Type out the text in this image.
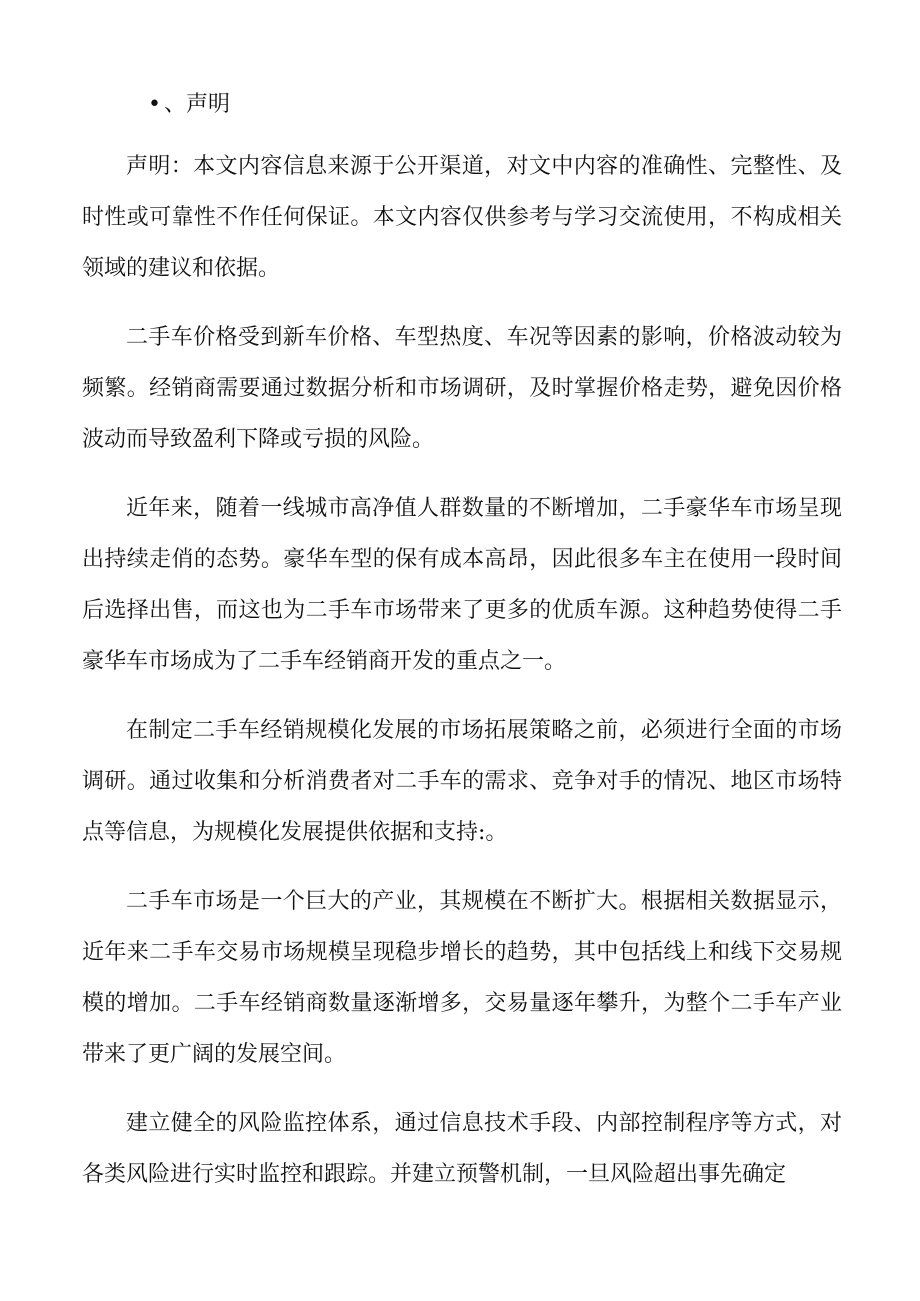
• 、声明

声明：本文内容信息来源于公开渠道，对文中内容的准确性、完整性、及时性或可靠性不作任何保证。本文内容仅供参考与学习交流使用，不构成相关领域的建议和依据。

二手车价格受到新车价格、车型热度、车况等因素的影响，价格波动较为频繁。经销商需要通过数据分析和市场调研，及时掌握价格走势，避免因价格波动而导致盈利下降或亏损的风险。

近年来，随着一线城市高净值人群数量的不断增加，二手豪华车市场呈现出持续走俏的态势。豪华车型的保有成本高昂，因此很多车主在使用一段时间后选择出售，而这也为二手车市场带来了更多的优质车源。这种趋势使得二手豪华车市场成为了二手车经销商开发的重点之一。

在制定二手车经销规模化发展的市场拓展策略之前，必须进行全面的市场调研。通过收集和分析消费者对二手车的需求、竞争对手的情况、地区市场特点等信息，为规模化发展提供依据和支持:。

二手车市场是一个巨大的产业，其规模在不断扩大。根据相关数据显示，近年来二手车交易市场规模呈现稳步增长的趋势，其中包括线上和线下交易规模的增加。二手车经销商数量逐渐增多，交易量逐年攀升，为整个二手车产业带来了更广阔的发展空间。

建立健全的风险监控体系，通过信息技术手段、内部控制程序等方式，对各类风险进行实时监控和跟踪。并建立预警机制，一旦风险超出事先确定
